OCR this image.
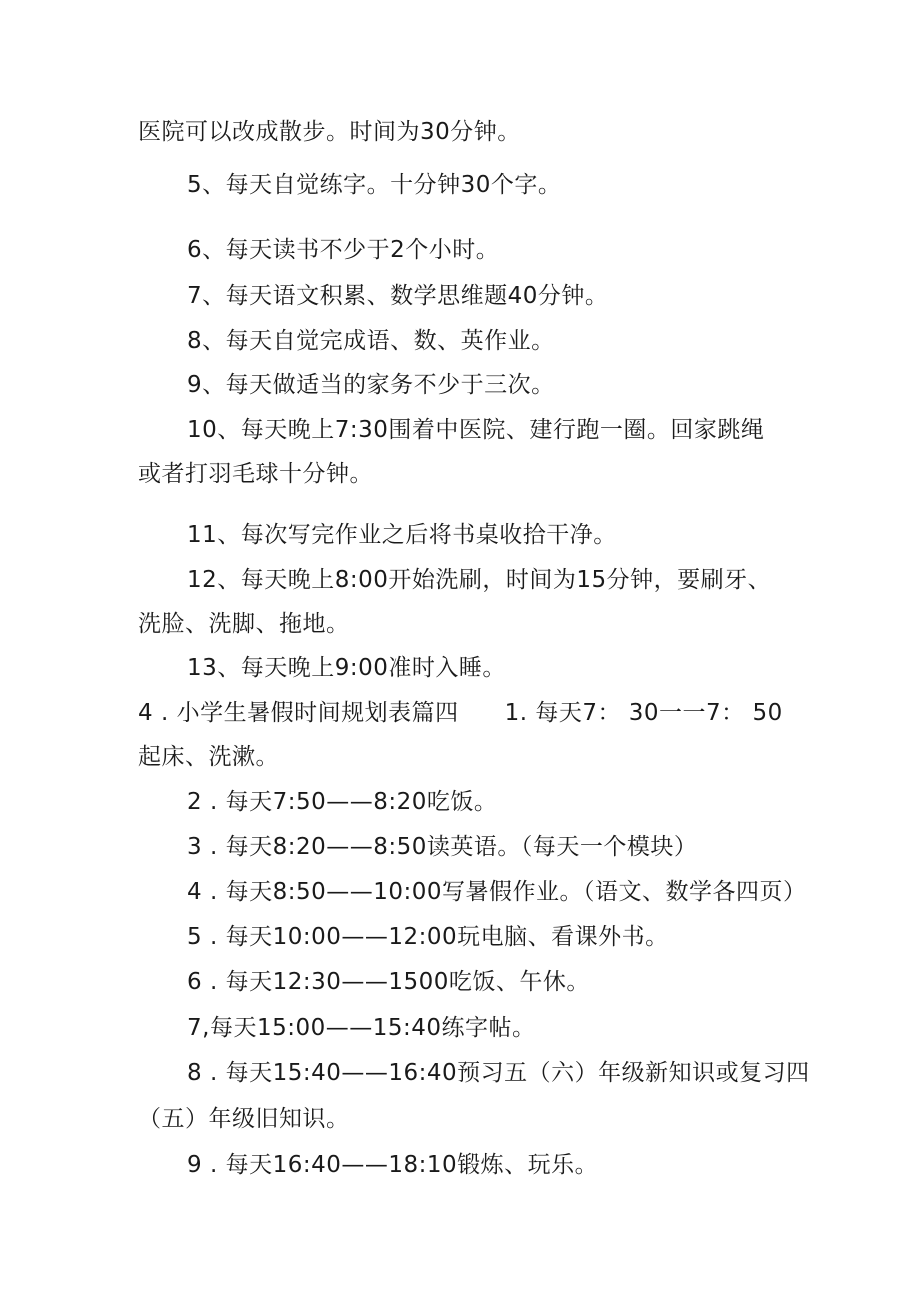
医院可以改成散步。时间为30分钟。
5、每天自觉练字。十分钟30个字。
6、每天读书不少于2个小时。
7、每天语文积累、数学思维题40分钟。
8、每天自觉完成语、数、英作业。
9、每天做适当的家务不少于三次。
10、每天晚上7:30围着中医院、建行跑一圈。回家跳绳
或者打羽毛球十分钟。
11、每次写完作业之后将书桌收拾干净。
12、每天晚上8:00开始洗刷，时间为15分钟，要刷牙、
洗脸、洗脚、拖地。
13、每天晚上9:00准时入睡。
4 . 小学生暑假时间规划表篇四 1. 每天7： 30一一7： 50
起床、洗漱。
2 . 每天7:50——8:20吃饭。
3 . 每天8:20——8:50读英语。（每天一个模块）
4 . 每天8:50——10:00写暑假作业。（语文、数学各四页）
5 . 每天10:00——12:00玩电脑、看课外书。
6 . 每天12:30——1500吃饭、午休。
7,每天15:00——15:40练字帖。
8 . 每天15:40——16:40预习五（六）年级新知识或复习四
（五）年级旧知识。
9 . 每天16:40——18:10锻炼、玩乐。
